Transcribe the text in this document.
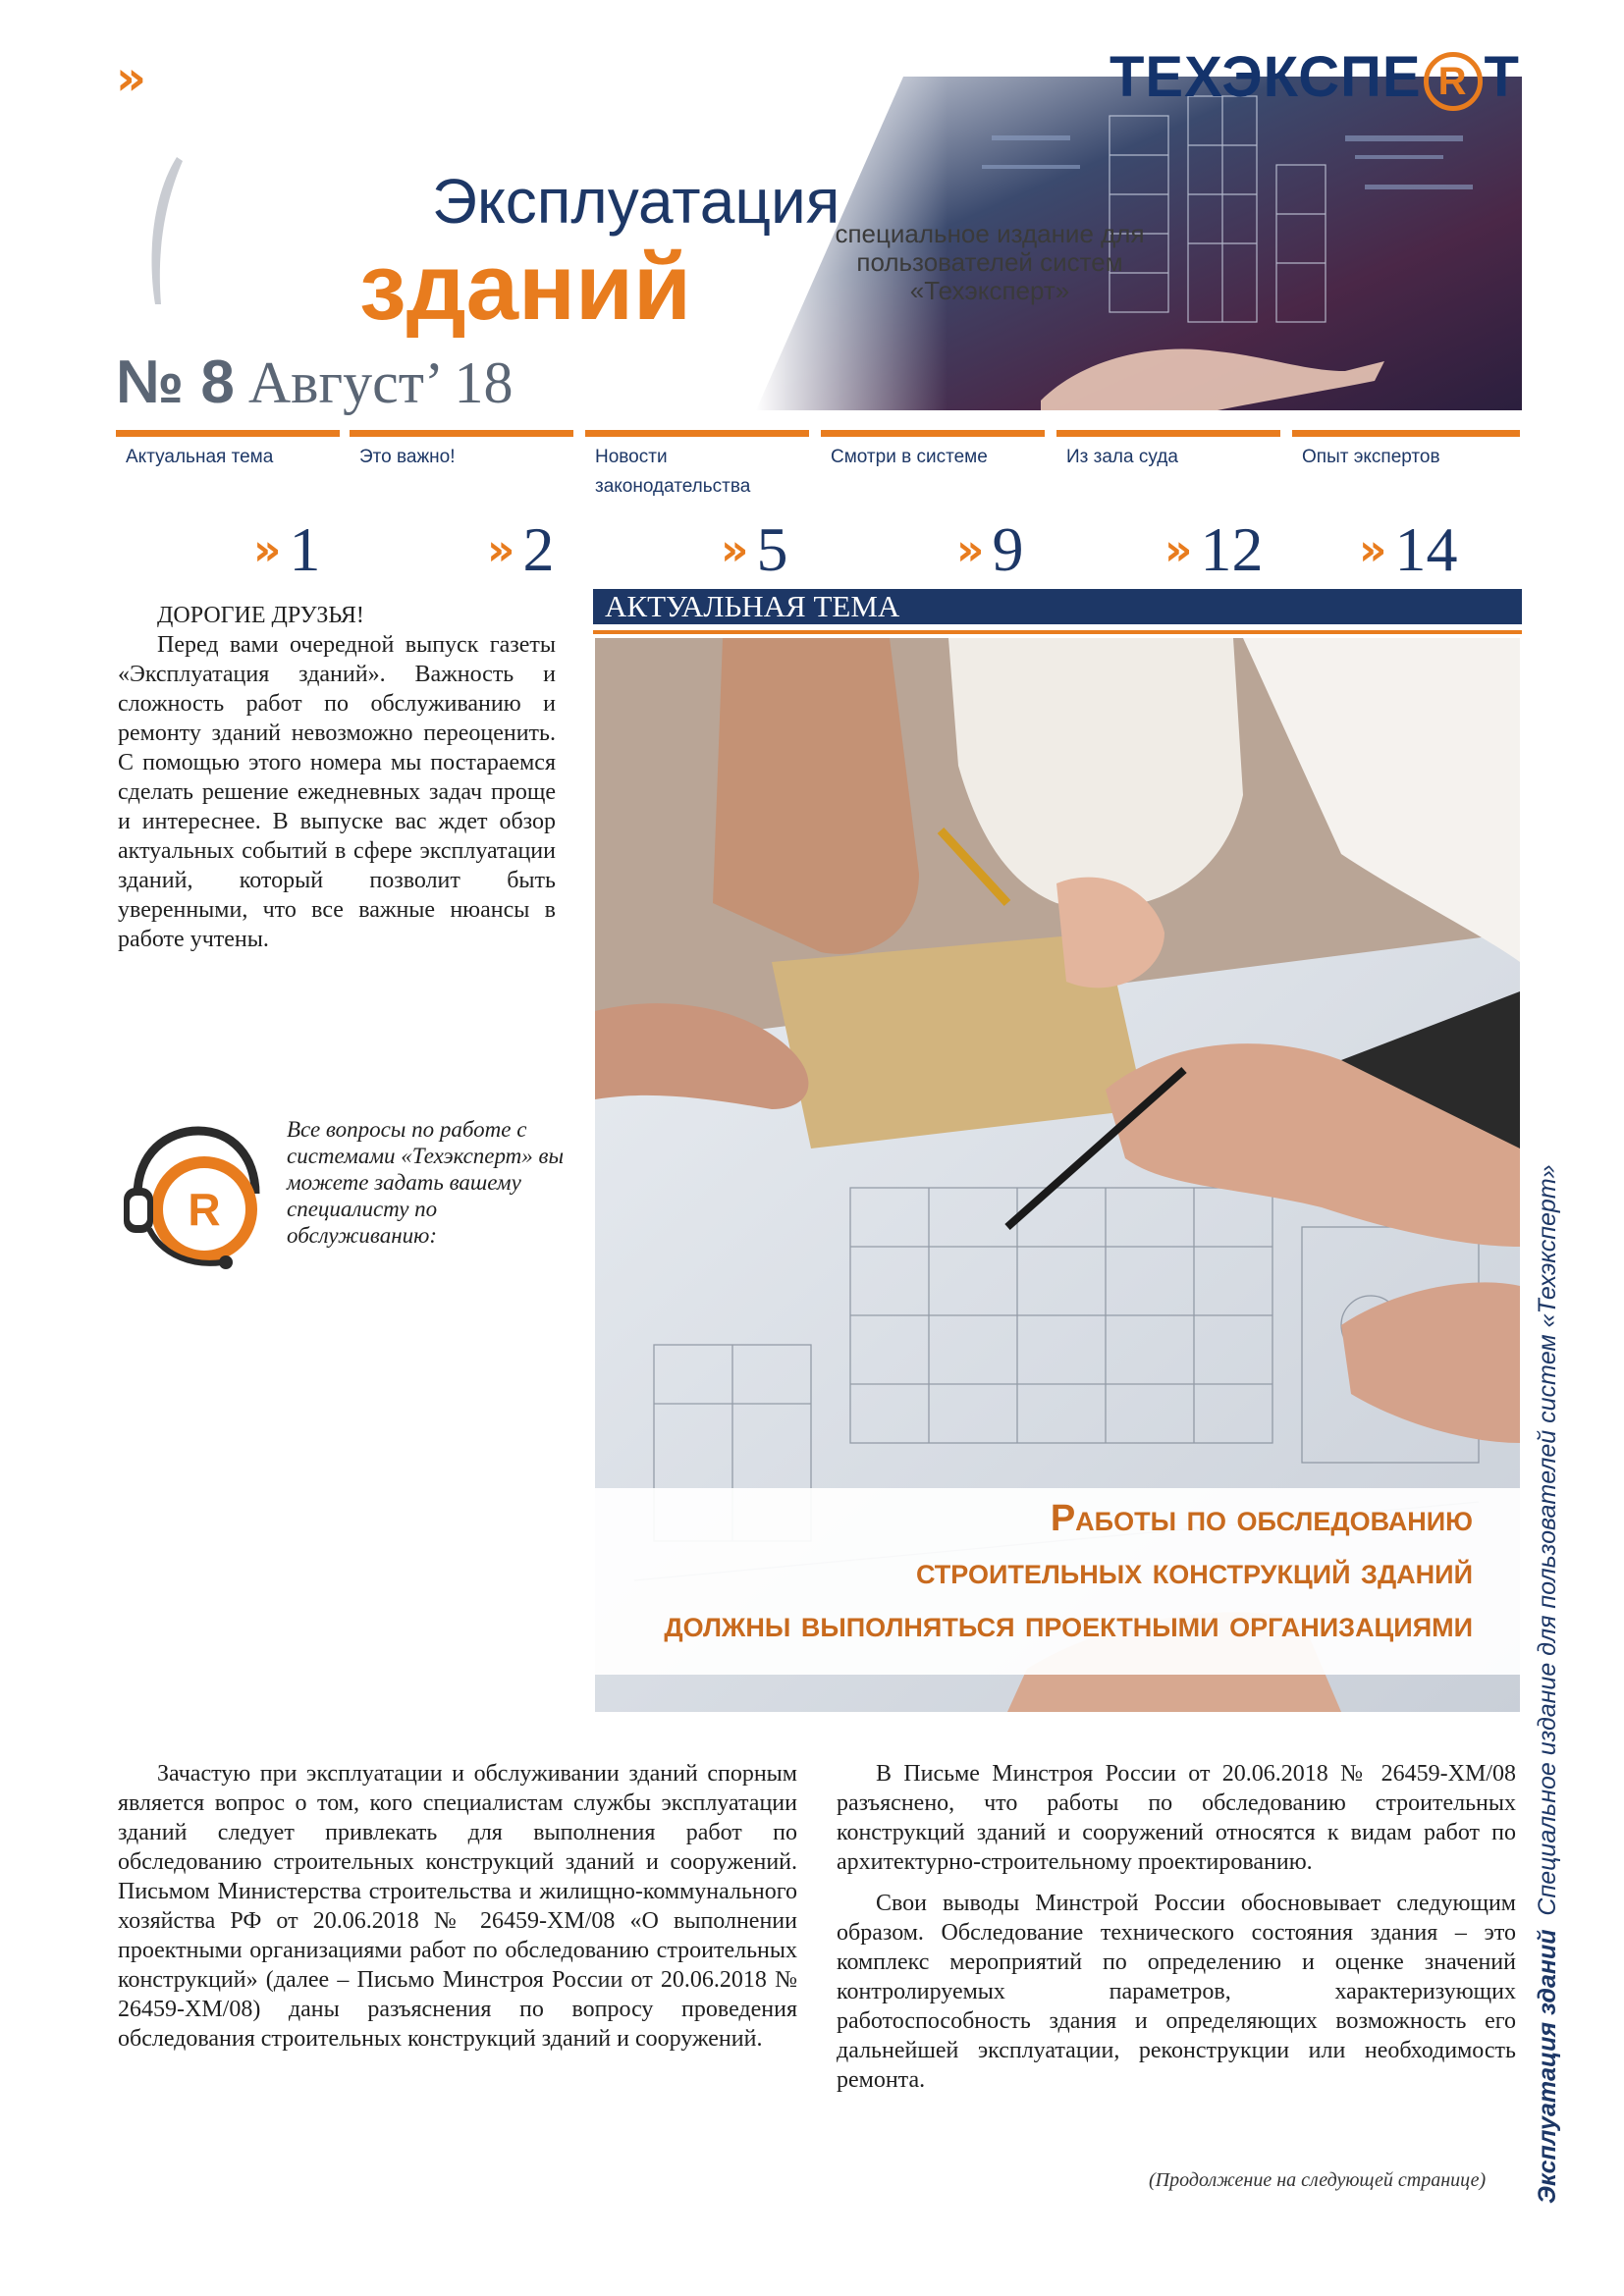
»	ТЕХЭКСПЕ R Т
специальное издание для пользователей систем «Техэксперт»
Эксплуатация
зданий
№ 8 Август’ 18
Актуальная тема
» 1
Это важно!
» 2
Новости законодательства
» 5
Смотри в системе
» 9
Из зала суда
» 12
Опыт экспертов
» 14

ДОРОГИЕ ДРУЗЬЯ!

Перед вами очередной выпуск газеты «Эксплуатация зданий». Важность и сложность работ по обслуживанию и ремонту зданий невозможно переоценить. С помощью этого номера мы постараемся сделать решение ежедневных задач проще и интереснее. В выпуске вас ждет обзор актуальных событий в сфере эксплуатации зданий, который позволит быть уверенными, что все важные нюансы в работе учтены.

R
Все вопросы по работе с системами «Техэксперт» вы можете задать вашему специалисту по обслуживанию:
АКТУАЛЬНАЯ ТЕМА
Работы по обследованию
строительных конструкций зданий
должны выполняться проектными организациями

Зачастую при эксплуатации и обслуживании зданий спорным является вопрос о том, кого специалистам службы эксплуатации зданий следует привлекать для выполнения работ по обследованию строительных конструкций зданий и сооружений. Письмом Министерства строительства и жилищно-коммунального хозяйства РФ от 20.06.2018 № 26459-ХМ/08 «О выполнении проектными организациями работ по обследованию строительных конструкций» (далее – Письмо Минстроя России от 20.06.2018 № 26459-ХМ/08) даны разъяснения по вопросу проведения обследования строительных конструкций зданий и сооружений.

В Письме Минстроя России от 20.06.2018 № 26459-ХМ/08 разъяснено, что работы по обследованию строительных конструкций зданий и сооружений относятся к видам работ по архитектурно-строительному проектированию.

Свои выводы Минстрой России обосновывает следующим образом. Обследование технического состояния здания – это комплекс мероприятий по определению и оценке значений контролируемых параметров, характеризующих работоспособность здания и определяющих возможность его дальнейшей эксплуатации, реконструкции или необходимость ремонта.

(Продолжение на следующей странице) Эксплуатация зданий  Специальное издание для пользователей систем «Техэксперт»
